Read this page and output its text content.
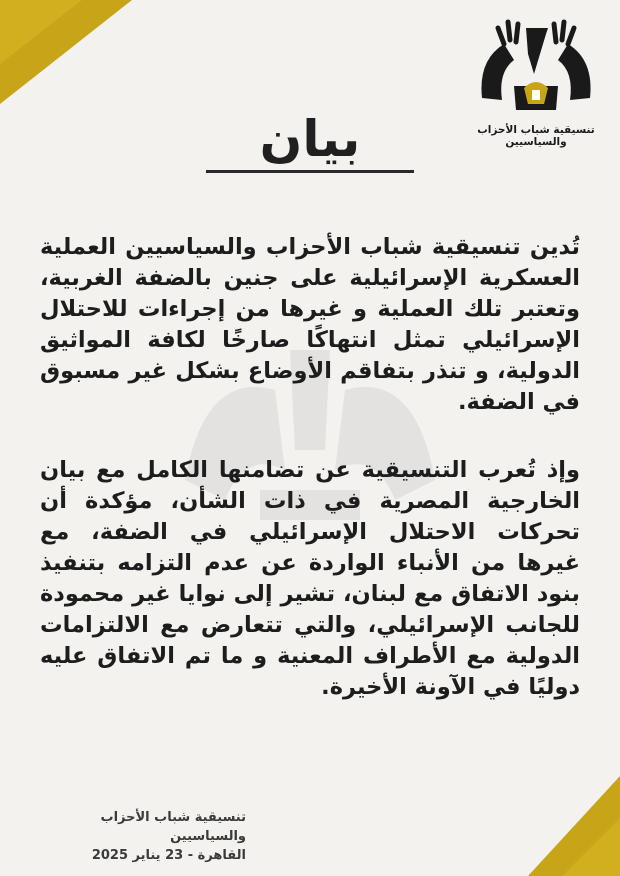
تنسيقية شباب الأحزاب والسياسيين
بيان

تُدين تنسيقية شباب الأحزاب والسياسيين العملية العسكرية الإسرائيلية على جنين بالضفة الغربية، وتعتبر تلك العملية و غيرها من إجراءات للاحتلال الإسرائيلي تمثل انتهاكًا صارخًا لكافة المواثيق الدولية، و تنذر بتفاقم الأوضاع بشكل غير مسبوق في الضفة.

وإذ تُعرب التنسيقية عن تضامنها الكامل مع بيان الخارجية المصرية في ذات الشأن، مؤكدة أن تحركات الاحتلال الإسرائيلي في الضفة، مع غيرها من الأنباء الواردة عن عدم التزامه بتنفيذ بنود الاتفاق مع لبنان، تشير إلى نوايا غير محمودة للجانب الإسرائيلي، والتي تتعارض مع الالتزامات الدولية مع الأطراف المعنية و ما تم الاتفاق عليه دوليًا في الآونة الأخيرة.

تنسيقية شباب الأحزاب والسياسيين
القاهرة - 23 يناير 2025
